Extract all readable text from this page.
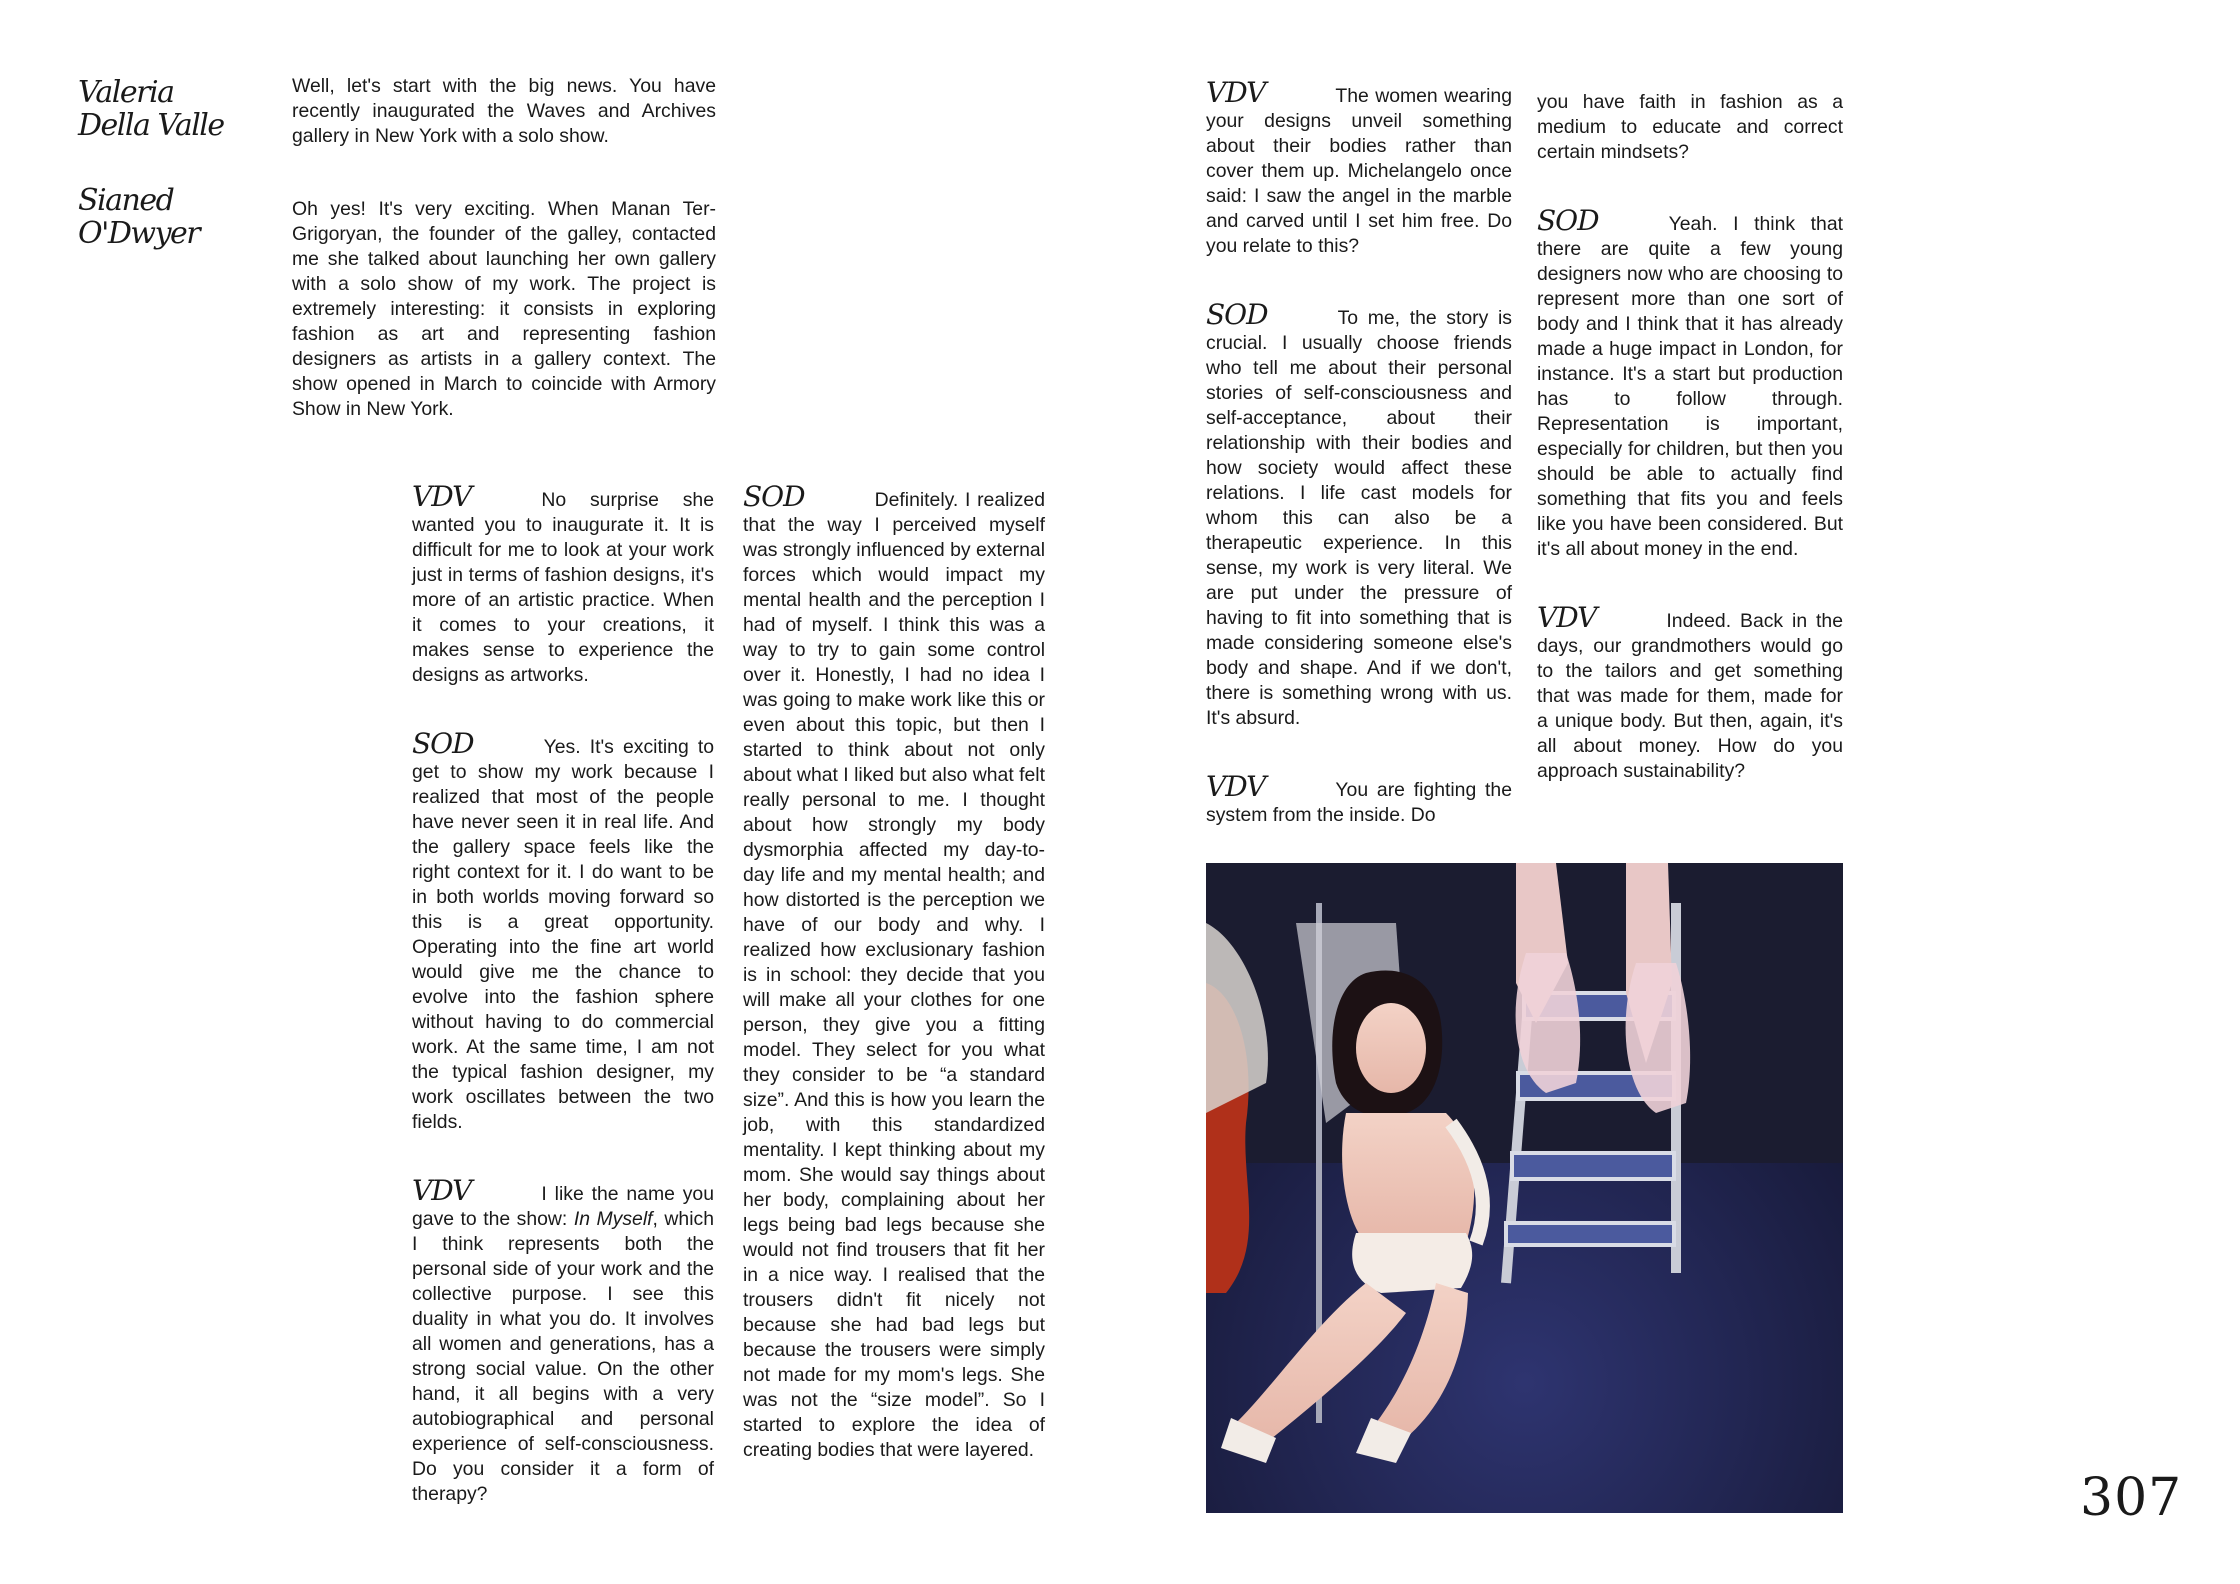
Valeria
Della Valle

Sianed
O'Dwyer

Well, let's start with the big news. You have recently inaugurated the Waves and Archives gallery in New York with a solo show.

Oh yes! It's very exciting. When Manan Ter-Grigoryan, the founder of the galley, contacted me she talked about launching her own gallery with a solo show of my work. The project is extremely interesting: it consists in exploring fashion as art and representing fashion designers as artists in a gallery context. The show opened in March to coincide with Armory Show in New York.

VDV	No surprise she wanted you to inaugurate it. It is difficult for me to look at your work just in terms of fashion designs, it's more of an artistic practice. When it comes to your creations, it makes sense to experience the designs as artworks.

SOD	Yes. It's exciting to get to show my work because I realized that most of the people have never seen it in real life. And the gallery space feels like the right context for it. I do want to be in both worlds moving forward so this is a great opportunity. Operating into the fine art world would give me the chance to evolve into the fashion sphere without having to do commercial work. At the same time, I am not the typical fashion designer, my work oscillates between the two fields.

VDV	I like the name you gave to the show: In Myself, which I think represents both the personal side of your work and the collective purpose. I see this duality in what you do. It involves all women and generations, has a strong social value. On the other hand, it all begins with a very autobiographical and personal experience of self-consciousness. Do you consider it a form of therapy?

SOD	Definitely. I realized that the way I perceived myself was strongly influenced by external forces which would impact my mental health and the perception I had of myself. I think this was a way to try to gain some control over it. Honestly, I had no idea I was going to make work like this or even about this topic, but then I started to think about not only about what I liked but also what felt really personal to me. I thought about how strongly my body dysmorphia affected my day-to-day life and my mental health; and how distorted is the perception we have of our body and why. I realized how exclusionary fashion is in school: they decide that you will make all your clothes for one person, they give you a fitting model. They select for you what they consider to be “a standard size”. And this is how you learn the job, with this standardized mentality. I kept thinking about my mom. She would say things about her body, complaining about her legs being bad legs because she would not find trousers that fit her in a nice way. I realised that the trousers didn't fit nicely not because she had bad legs but because the trousers were simply not made for my mom's legs. She was not the “size model”. So I started to explore the idea of creating bodies that were layered.

VDV	The women wearing your designs unveil something about their bodies rather than cover them up. Michelangelo once said: I saw the angel in the marble and carved until I set him free. Do you relate to this?

SOD	To me, the story is crucial. I usually choose friends who tell me about their personal stories of self-consciousness and self-acceptance, about their relationship with their bodies and how society would affect these relations. I life cast models for whom this can also be a therapeutic experience. In this sense, my work is very literal. We are put under the pressure of having to fit into something that is made considering someone else's body and shape. And if we don't, there is something wrong with us. It's absurd.

VDV	You are fighting the system from the inside. Do

you have faith in fashion as a medium to educate and correct certain mindsets?

SOD	Yeah. I think that there are quite a few young designers now who are choosing to represent more than one sort of body and I think that it has already made a huge impact in London, for instance. It's a start but production has to follow through. Representation is important, especially for children, but then you should be able to actually find something that fits you and feels like you have been considered. But it's all about money in the end.

VDV	Indeed. Back in the days, our grandmothers would go to the tailors and get something that was made for them, made for a unique body. But then, again, it's all about money. How do you approach sustainability?

307
